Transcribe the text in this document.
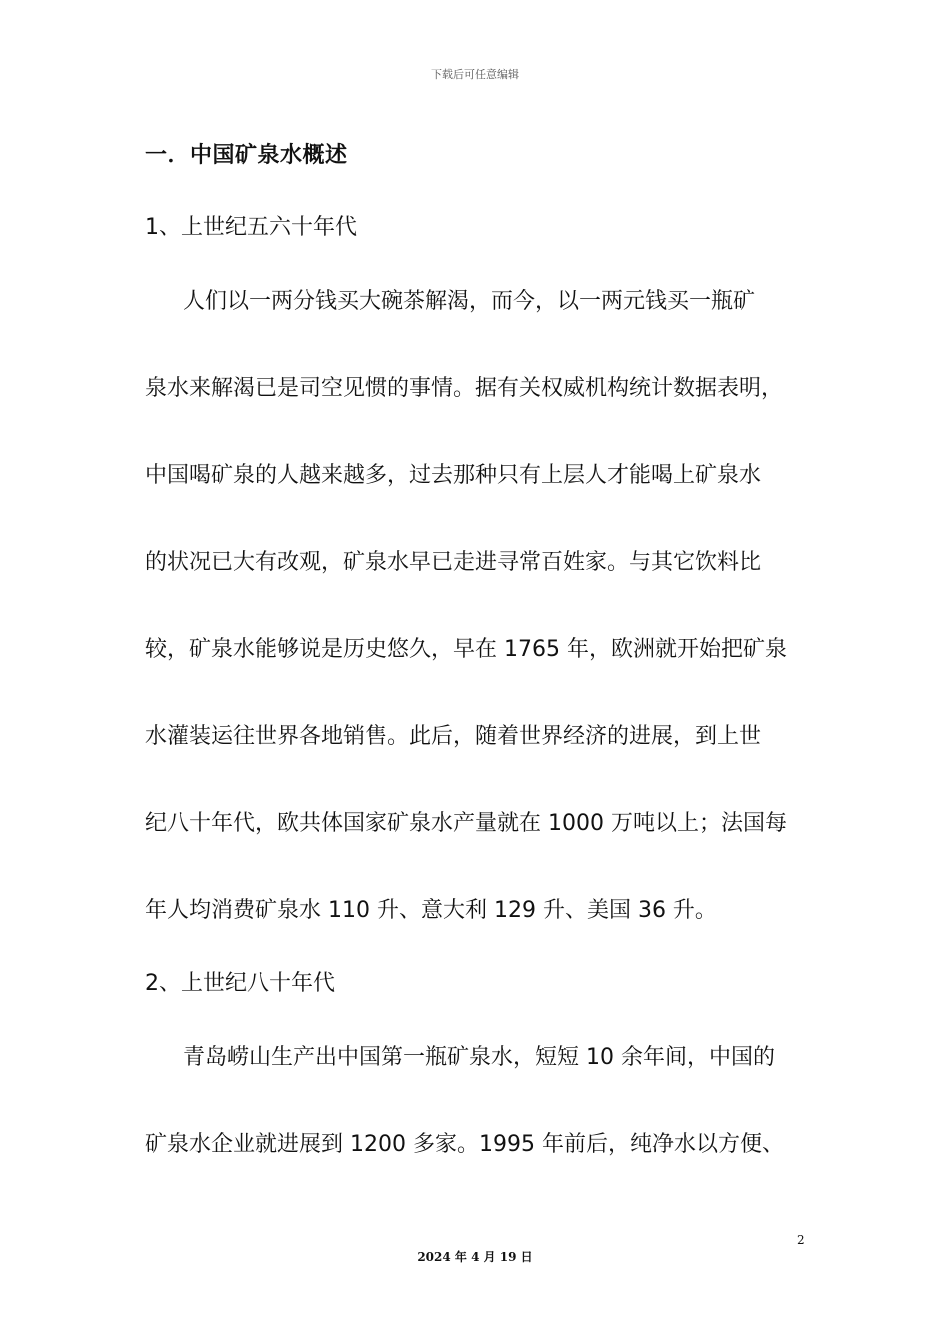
下载后可任意编辑
一．中国矿泉水概述
1、上世纪五六十年代
人们以一两分钱买大碗茶解渴，而今，以一两元钱买一瓶矿
泉水来解渴已是司空见惯的事情。据有关权威机构统计数据表明，
中国喝矿泉的人越来越多，过去那种只有上层人才能喝上矿泉水
的状况已大有改观，矿泉水早已走进寻常百姓家。与其它饮料比
较，矿泉水能够说是历史悠久，早在 1765 年，欧洲就开始把矿泉
水灌装运往世界各地销售。此后，随着世界经济的进展，到上世
纪八十年代，欧共体国家矿泉水产量就在 1000 万吨以上；法国每
年人均消费矿泉水 110 升、意大利 129 升、美国 36 升。
2、上世纪八十年代
青岛崂山生产出中国第一瓶矿泉水，短短 10 余年间，中国的
矿泉水企业就进展到 1200 多家。1995 年前后，纯净水以方便、
2
2024 年 4 月 19 日
